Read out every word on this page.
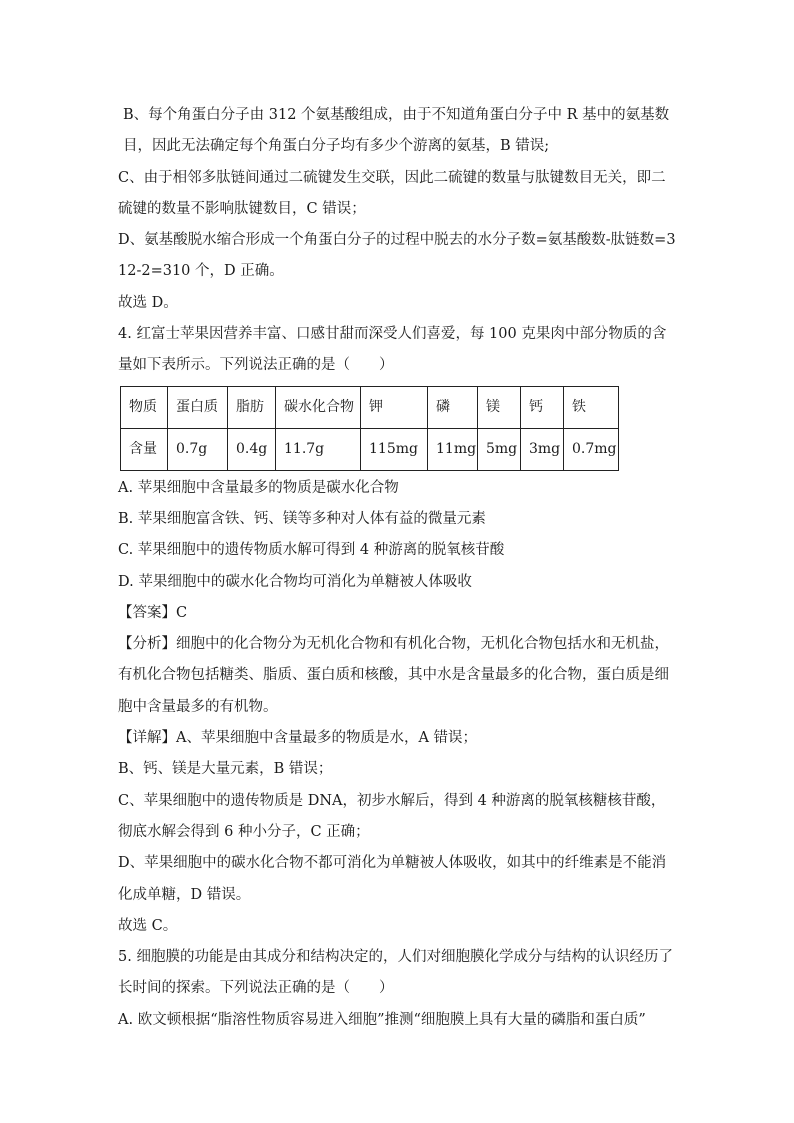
B、每个角蛋白分子由 312 个氨基酸组成，由于不知道角蛋白分子中 R 基中的氨基数目，因此无法确定每个角蛋白分子均有多少个游离的氨基，B 错误;

C、由于相邻多肽链间通过二硫键发生交联，因此二硫键的数量与肽键数目无关，即二硫键的数量不影响肽键数目，C 错误；

D、氨基酸脱水缩合形成一个角蛋白分子的过程中脱去的水分子数=氨基酸数-肽链数=312-2=310 个，D 正确。

故选 D。

4. 红富士苹果因营养丰富、口感甘甜而深受人们喜爱，每 100 克果肉中部分物质的含量如下表所示。下列说法正确的是（　　）

物质	蛋白质	脂肪	碳水化合物	钾	磷	镁	钙	铁
含量	0.7g	0.4g	11.7g	115mg	11mg	5mg	3mg	0.7mg

A. 苹果细胞中含量最多的物质是碳水化合物

B. 苹果细胞富含铁、钙、镁等多种对人体有益的微量元素

C. 苹果细胞中的遗传物质水解可得到 4 种游离的脱氧核苷酸

D. 苹果细胞中的碳水化合物均可消化为单糖被人体吸收

【答案】C

【分析】细胞中的化合物分为无机化合物和有机化合物，无机化合物包括水和无机盐，有机化合物包括糖类、脂质、蛋白质和核酸，其中水是含量最多的化合物，蛋白质是细胞中含量最多的有机物。

【详解】A、苹果细胞中含量最多的物质是水，A 错误；

B、钙、镁是大量元素，B 错误；

C、苹果细胞中的遗传物质是 DNA，初步水解后，得到 4 种游离的脱氧核糖核苷酸，彻底水解会得到 6 种小分子，C 正确；

D、苹果细胞中的碳水化合物不都可消化为单糖被人体吸收，如其中的纤维素是不能消化成单糖，D 错误。

故选 C。

5. 细胞膜的功能是由其成分和结构决定的，人们对细胞膜化学成分与结构的认识经历了长时间的探索。下列说法正确的是（　　）

A. 欧文顿根据“脂溶性物质容易进入细胞”推测“细胞膜上具有大量的磷脂和蛋白质”
